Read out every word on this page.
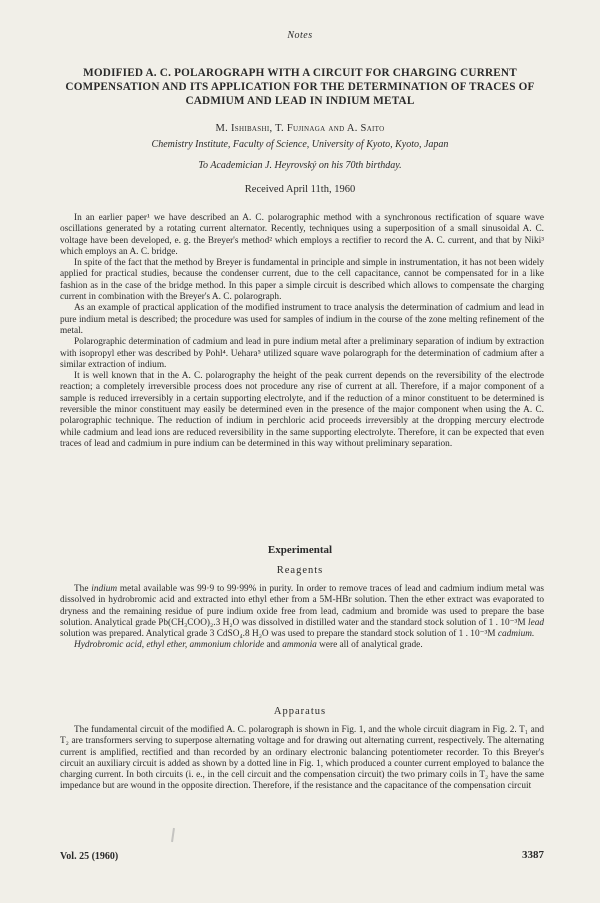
Notes
MODIFIED A. C. POLAROGRAPH WITH A CIRCUIT FOR CHARGING CURRENT COMPENSATION AND ITS APPLICATION FOR THE DETERMINATION OF TRACES OF CADMIUM AND LEAD IN INDIUM METAL
M. Ishibashi, T. Fujinaga and A. Saito
Chemistry Institute, Faculty of Science, University of Kyoto, Kyoto, Japan
To Academician J. Heyrovský on his 70th birthday.
Received April 11th, 1960

In an earlier paper¹ we have described an A. C. polarographic method with a synchronous rectification of square wave oscillations generated by a rotating current alternator. Recently, techniques using a superposition of a small sinusoidal A. C. voltage have been developed, e. g. the Breyer's method² which employs a rectifier to record the A. C. current, and that by Niki³ which employs an A. C. bridge.

In spite of the fact that the method by Breyer is fundamental in principle and simple in instrumentation, it has not been widely applied for practical studies, because the condenser current, due to the cell capacitance, cannot be compensated for in a like fashion as in the case of the bridge method. In this paper a simple circuit is described which allows to compensate the charging current in combination with the Breyer's A. C. polarograph.

As an example of practical application of the modified instrument to trace analysis the determination of cadmium and lead in pure indium metal is described; the procedure was used for samples of indium in the course of the zone melting refinement of the metal.

Polarographic determination of cadmium and lead in pure indium metal after a preliminary separation of indium by extraction with isopropyl ether was described by Pohl⁴. Uehara⁵ utilized square wave polarograph for the determination of cadmium after a similar extraction of indium.

It is well known that in the A. C. polarography the height of the peak current depends on the reversibility of the electrode reaction; a completely irreversible process does not procedure any rise of current at all. Therefore, if a major component of a sample is reduced irreversibly in a certain supporting electrolyte, and if the reduction of a minor constituent to be determined is reversible the minor constituent may easily be determined even in the presence of the major component when using the A. C. polarographic technique. The reduction of indium in perchloric acid proceeds irreversibly at the dropping mercury electrode while cadmium and lead ions are reduced reversibility in the same supporting electrolyte. Therefore, it can be expected that even traces of lead and cadmium in pure indium can be determined in this way without preliminary separation.

Experimental
Reagents

The indium metal available was 99·9 to 99·99% in purity. In order to remove traces of lead and cadmium indium metal was dissolved in hydrobromic acid and extracted into ethyl ether from a 5M-HBr solution. Then the ether extract was evaporated to dryness and the remaining residue of pure indium oxide free from lead, cadmium and bromide was used to prepare the base solution. Analytical grade Pb(CH₃COO)₂.3 H₂O was dissolved in distilled water and the standard stock solution of 1 . 10⁻³M lead solution was prepared. Analytical grade 3 CdSO₄.8 H₂O was used to prepare the standard stock solution of 1 . 10⁻³M cadmium.

Hydrobromic acid, ethyl ether, ammonium chloride and ammonia were all of analytical grade.

Apparatus

The fundamental circuit of the modified A. C. polarograph is shown in Fig. 1, and the whole circuit diagram in Fig. 2. T₁ and T₂ are transformers serving to superpose alternating voltage and for drawing out alternating current, respectively. The alternating current is amplified, rectified and than recorded by an ordinary electronic balancing potentiometer recorder. To this Breyer's circuit an auxiliary circuit is added as shown by a dotted line in Fig. 1, which produced a counter current employed to balance the charging current. In both circuits (i. e., in the cell circuit and the compensation circuit) the two primary coils in T₂ have the same impedance but are wound in the opposite direction. Therefore, if the resistance and the capacitance of the compensation circuit

Vol. 25 (1960)	3387
